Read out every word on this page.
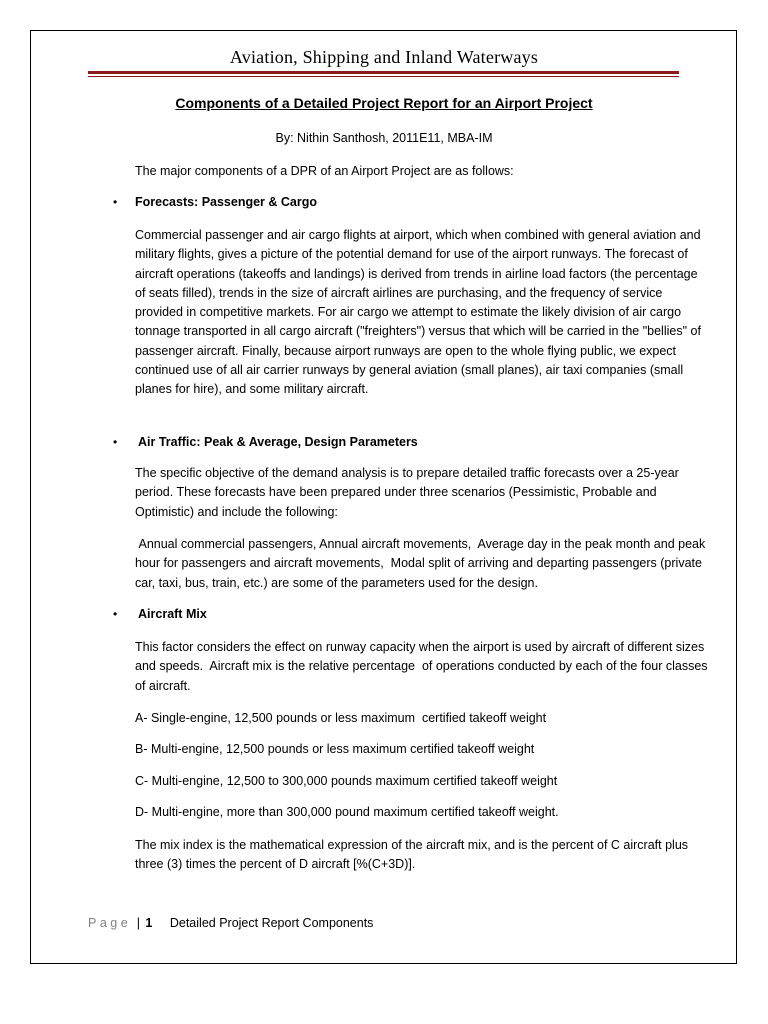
Aviation, Shipping and Inland Waterways
Components of a Detailed Project Report for an Airport Project
By: Nithin Santhosh, 2011E11, MBA-IM
The major components of a DPR of an Airport Project are as follows:
• Forecasts: Passenger & Cargo
Commercial passenger and air cargo flights at airport, which when combined with general aviation and military flights, gives a picture of the potential demand for use of the airport runways. The forecast of aircraft operations (takeoffs and landings) is derived from trends in airline load factors (the percentage of seats filled), trends in the size of aircraft airlines are purchasing, and the frequency of service provided in competitive markets. For air cargo we attempt to estimate the likely division of air cargo tonnage transported in all cargo aircraft ("freighters") versus that which will be carried in the "bellies" of passenger aircraft. Finally, because airport runways are open to the whole flying public, we expect continued use of all air carrier runways by general aviation (small planes), air taxi companies (small planes for hire), and some military aircraft.
• Air Traffic: Peak & Average, Design Parameters
The specific objective of the demand analysis is to prepare detailed traffic forecasts over a 25-year period. These forecasts have been prepared under three scenarios (Pessimistic, Probable and Optimistic) and include the following:
Annual commercial passengers, Annual aircraft movements,  Average day in the peak month and peak hour for passengers and aircraft movements,  Modal split of arriving and departing passengers (private car, taxi, bus, train, etc.) are some of the parameters used for the design.
• Aircraft Mix
This factor considers the effect on runway capacity when the airport is used by aircraft of different sizes and speeds.  Aircraft mix is the relative percentage  of operations conducted by each of the four classes of aircraft.
A- Single-engine, 12,500 pounds or less maximum  certified takeoff weight
B- Multi-engine, 12,500 pounds or less maximum certified takeoff weight
C- Multi-engine, 12,500 to 300,000 pounds maximum certified takeoff weight
D- Multi-engine, more than 300,000 pound maximum certified takeoff weight.
The mix index is the mathematical expression of the aircraft mix, and is the percent of C aircraft plus three (3) times the percent of D aircraft [%(C+3D)].
Page | 1 Detailed Project Report Components
